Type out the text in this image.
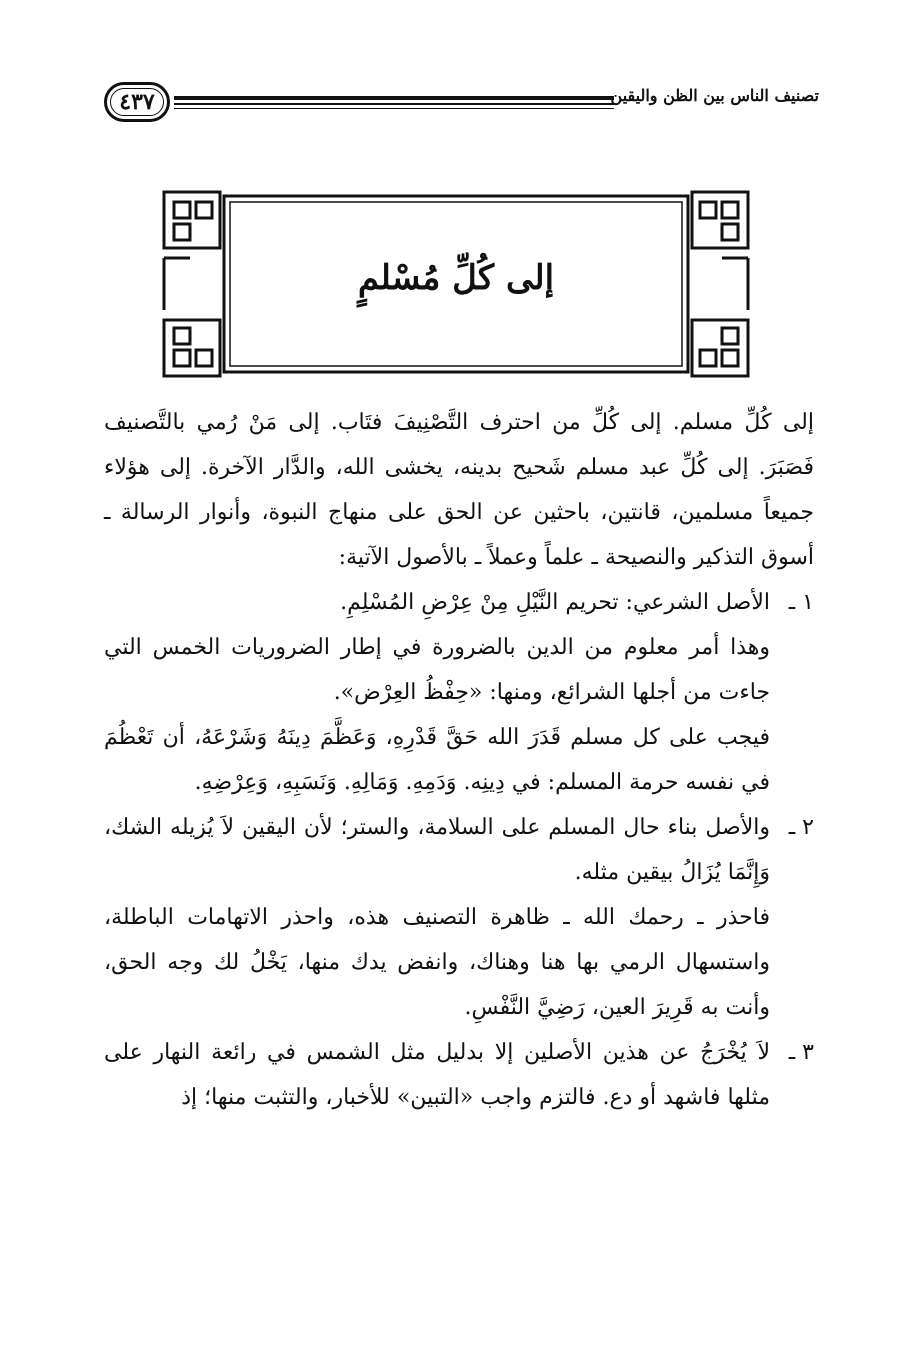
٤٣٧	تصنيف الناس بين الظن واليقين
إلى كُلِّ مُسْلمٍ

إلى كُلِّ مسلم. إلى كُلِّ من احترف التَّصْنِيفَ فتَاب. إلى مَنْ رُمي بالتَّصنيف فَصَبَرَ. إلى كُلِّ عبد مسلم شَحيح بدينه، يخشى الله، والدَّار الآخرة. إلى هؤلاء جميعاً مسلمين، قانتين، باحثين عن الحق على منهاج النبوة، وأنوار الرسالة ـ أسوق التذكير والنصيحة ـ علماً وعملاً ـ بالأصول الآتية:

١ ـ
الأصل الشرعي: تحريم النَّيْلِ مِنْ عِرْضِ المُسْلِمِ.

وهذا أمر معلوم من الدين بالضرورة في إطار الضروريات الخمس التي جاءت من أجلها الشرائع، ومنها: «حِفْظُ العِرْض».

فيجب على كل مسلم قَدَرَ الله حَقَّ قَدْرِهِ، وَعَظَّمَ دِينَهُ وَشَرْعَهُ، أن تَعْظُمَ في نفسه حرمة المسلم: في دِينِه. وَدَمِهِ. وَمَالِهِ. وَنَسَبِهِ، وَعِرْضِهِ.

٢ ـ
والأصل بناء حال المسلم على السلامة، والستر؛ لأن اليقين لاَ يُزيله الشك، وَإِنَّمَا يُزَالُ بيقين مثله.

فاحذر ـ رحمك الله ـ ظاهرة التصنيف هذه، واحذر الاتهامات الباطلة، واستسهال الرمي بها هنا وهناك، وانفض يدك منها، يَخْلُ لك وجه الحق، وأنت به قَرِيرَ العين، رَضِيَّ النَّفْسِ.

٣ ـ
لاَ يُخْرَجُ عن هذين الأصلين إلا بدليل مثل الشمس في رائعة النهار على مثلها فاشهد أو دع. فالتزم واجب «التبين» للأخبار، والتثبت منها؛ إذ
